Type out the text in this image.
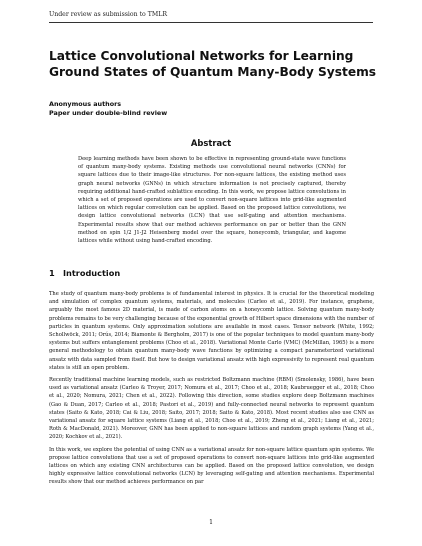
Under review as submission to TMLR
Lattice Convolutional Networks for Learning Ground States of Quantum Many-Body Systems
Anonymous authors
Paper under double-blind review
Abstract

Deep learning methods have been shown to be effective in representing ground-state wave functions of quantum many-body systems. Existing methods use convolutional neural networks (CNNs) for square lattices due to their image-like structures. For non-square lattices, the existing method uses graph neural networks (GNNs) in which structure information is not precisely captured, thereby requiring additional hand-crafted sublattice encoding. In this work, we propose lattice convolutions in which a set of proposed operations are used to convert non-square lattices into grid-like augmented lattices on which regular convolution can be applied. Based on the proposed lattice convolutions, we design lattice convolutional networks (LCN) that use self-gating and attention mechanisms. Experimental results show that our method achieves performance on par or better than the GNN method on spin 1/2 J1-J2 Heisenberg model over the square, honeycomb, triangular, and kagome lattices while without using hand-crafted encoding.

1 Introduction

The study of quantum many-body problems is of fundamental interest in physics. It is crucial for the theoretical modeling and simulation of complex quantum systems, materials, and molecules (Carleo et al., 2019). For instance, graphene, arguably the most famous 2D material, is made of carbon atoms on a honeycomb lattice. Solving quantum many-body problems remains to be very challenging because of the exponential growth of Hilbert space dimensions with the number of particles in quantum systems. Only approximation solutions are available in most cases. Tensor network (White, 1992; Schollwöck, 2011; Orús, 2014; Biamonte & Bergholm, 2017) is one of the popular techniques to model quantum many-body systems but suffers entanglement problems (Choo et al., 2018). Variational Monte Carlo (VMC) (McMillan, 1965) is a more general methodology to obtain quantum many-body wave functions by optimizing a compact parameterized variational ansatz with data sampled from itself. But how to design variational ansatz with high expressivity to represent real quantum states is still an open problem.

Recently traditional machine learning models, such as restricted Boltzmann machine (RBM) (Smolensky, 1986), have been used as variational ansatz (Carleo & Troyer, 2017; Nomura et al., 2017; Choo et al., 2018; Kaubruegger et al., 2018; Choo et al., 2020; Nomura, 2021; Chen et al., 2022). Following this direction, some studies explore deep Boltzmann machines (Gao & Duan, 2017; Carleo et al., 2018; Pastori et al., 2019) and fully-connected neural networks to represent quantum states (Saito & Kato, 2018; Cai & Liu, 2018; Saito, 2017; 2018; Saito & Kato, 2018). Most recent studies also use CNN as variational ansatz for square lattice systems (Liang et al., 2018; Choo et al., 2019; Zheng et al., 2021; Liang et al., 2021; Roth & MacDonald, 2021). Moreover, GNN has been applied to non-square lattices and random graph systems (Yang et al., 2020; Kochkov et al., 2021).

In this work, we explore the potential of using CNN as a variational ansatz for non-square lattice quantum spin systems. We propose lattice convolutions that use a set of proposed operations to convert non-square lattices into grid-like augmented lattices on which any existing CNN architectures can be applied. Based on the proposed lattice convolution, we design highly expressive lattice convolutional networks (LCN) by leveraging self-gating and attention mechanisms. Experimental results show that our method achieves performance on par

1
